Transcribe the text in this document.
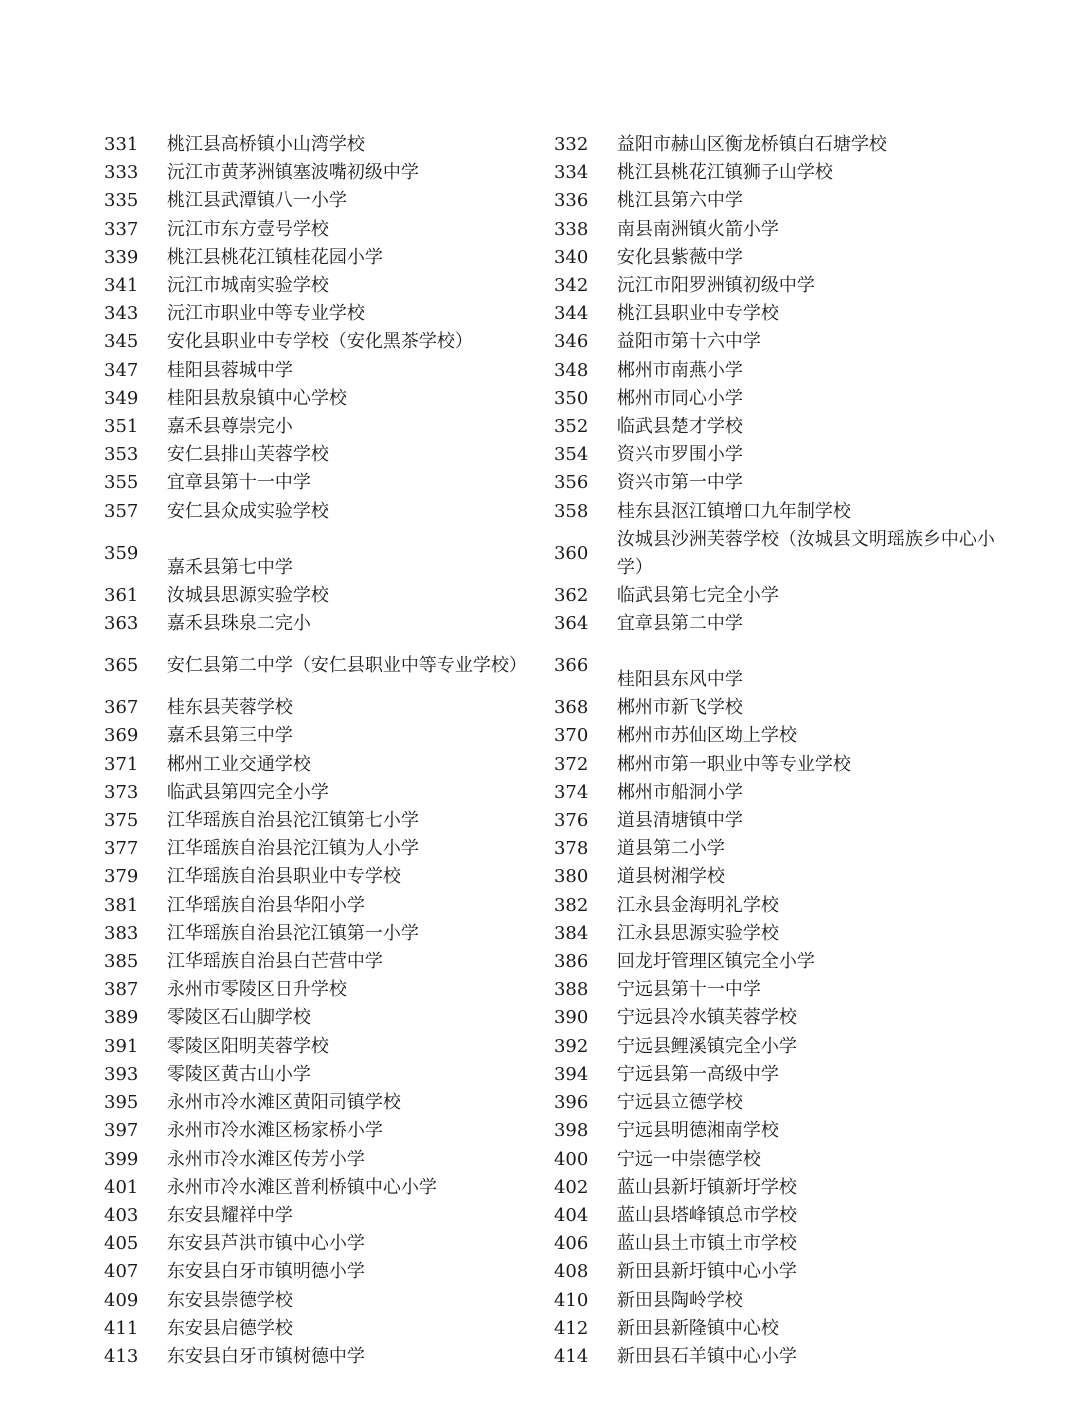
331	桃江县高桥镇小山湾学校	332	益阳市赫山区衡龙桥镇白石塘学校
333	沅江市黄茅洲镇塞波嘴初级中学	334	桃江县桃花江镇狮子山学校
335	桃江县武潭镇八一小学	336	桃江县第六中学
337	沅江市东方壹号学校	338	南县南洲镇火箭小学
339	桃江县桃花江镇桂花园小学	340	安化县紫薇中学
341	沅江市城南实验学校	342	沅江市阳罗洲镇初级中学
343	沅江市职业中等专业学校	344	桃江县职业中专学校
345	安化县职业中专学校（安化黑茶学校）	346	益阳市第十六中学
347	桂阳县蓉城中学	348	郴州市南燕小学
349	桂阳县敖泉镇中心学校	350	郴州市同心小学
351	嘉禾县尊崇完小	352	临武县楚才学校
353	安仁县排山芙蓉学校	354	资兴市罗围小学
355	宜章县第十一中学	356	资兴市第一中学
357	安仁县众成实验学校	358	桂东县沤江镇增口九年制学校
359	嘉禾县第七中学	360	汝城县沙洲芙蓉学校（汝城县文明瑶族乡中心小学）
361	汝城县思源实验学校	362	临武县第七完全小学
363	嘉禾县珠泉二完小	364	宜章县第二中学
365	安仁县第二中学（安仁县职业中等专业学校）	366	桂阳县东风中学
367	桂东县芙蓉学校	368	郴州市新飞学校
369	嘉禾县第三中学	370	郴州市苏仙区坳上学校
371	郴州工业交通学校	372	郴州市第一职业中等专业学校
373	临武县第四完全小学	374	郴州市船洞小学
375	江华瑶族自治县沱江镇第七小学	376	道县清塘镇中学
377	江华瑶族自治县沱江镇为人小学	378	道县第二小学
379	江华瑶族自治县职业中专学校	380	道县树湘学校
381	江华瑶族自治县华阳小学	382	江永县金海明礼学校
383	江华瑶族自治县沱江镇第一小学	384	江永县思源实验学校
385	江华瑶族自治县白芒营中学	386	回龙圩管理区镇完全小学
387	永州市零陵区日升学校	388	宁远县第十一中学
389	零陵区石山脚学校	390	宁远县冷水镇芙蓉学校
391	零陵区阳明芙蓉学校	392	宁远县鲤溪镇完全小学
393	零陵区黄古山小学	394	宁远县第一高级中学
395	永州市冷水滩区黄阳司镇学校	396	宁远县立德学校
397	永州市冷水滩区杨家桥小学	398	宁远县明德湘南学校
399	永州市冷水滩区传芳小学	400	宁远一中崇德学校
401	永州市冷水滩区普利桥镇中心小学	402	蓝山县新圩镇新圩学校
403	东安县耀祥中学	404	蓝山县塔峰镇总市学校
405	东安县芦洪市镇中心小学	406	蓝山县土市镇土市学校
407	东安县白牙市镇明德小学	408	新田县新圩镇中心小学
409	东安县崇德学校	410	新田县陶岭学校
411	东安县启德学校	412	新田县新隆镇中心校
413	东安县白牙市镇树德中学	414	新田县石羊镇中心小学
